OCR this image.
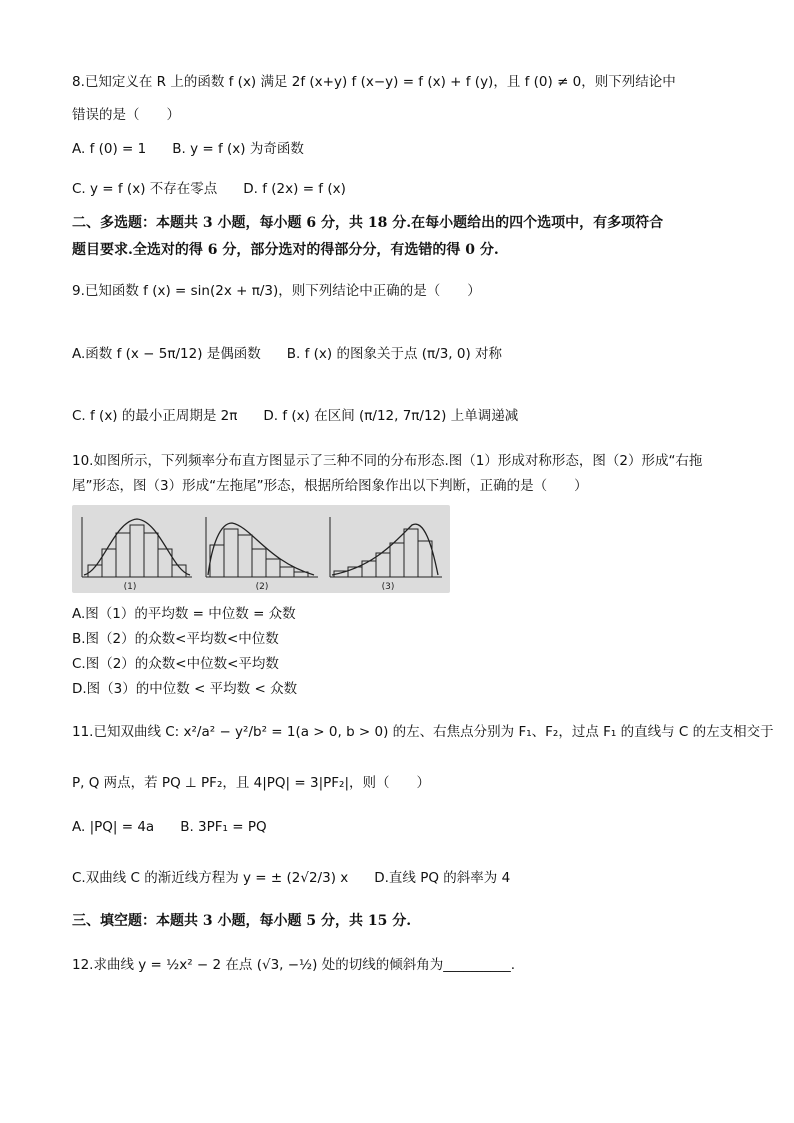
8.已知定义在 R 上的函数 f (x) 满足 2f (x+y) f (x−y) = f (x) + f (y)，且 f (0) ≠ 0，则下列结论中
错误的是（　　）
A. f (0) = 1 B. y = f (x) 为奇函数
C. y = f (x) 不存在零点 D. f (2x) = f (x)
二、多选题：本题共 3 小题，每小题 6 分，共 18 分.在每小题给出的四个选项中，有多项符合
题目要求.全选对的得 6 分，部分选对的得部分分，有选错的得 0 分.
9.已知函数 f (x) = sin(2x + π/3)，则下列结论中正确的是（　　）
A.函数 f (x − 5π/12) 是偶函数 B. f (x) 的图象关于点 (π/3, 0) 对称
C. f (x) 的最小正周期是 2π D. f (x) 在区间 (π/12, 7π/12) 上单调递减
10.如图所示，下列频率分布直方图显示了三种不同的分布形态.图（1）形成对称形态，图（2）形成“右拖
尾”形态，图（3）形成“左拖尾”形态，根据所给图象作出以下判断，正确的是（　　）
(1)	(2)	(3)
A.图（1）的平均数 = 中位数 = 众数
B.图（2）的众数<平均数<中位数
C.图（2）的众数<中位数<平均数
D.图（3）的中位数 < 平均数 < 众数
11.已知双曲线 C: x²/a² − y²/b² = 1(a > 0, b > 0) 的左、右焦点分别为 F₁、F₂，过点 F₁ 的直线与 C 的左支相交于
P, Q 两点，若 PQ ⊥ PF₂，且 4|PQ| = 3|PF₂|，则（　　）
A. |PQ| = 4a B. 3PF₁ = PQ
C.双曲线 C 的渐近线方程为 y = ± (2√2/3) x D.直线 PQ 的斜率为 4
三、填空题：本题共 3 小题，每小题 5 分，共 15 分.
12.求曲线 y = ½x² − 2 在点 (√3, −½) 处的切线的倾斜角为__________.
